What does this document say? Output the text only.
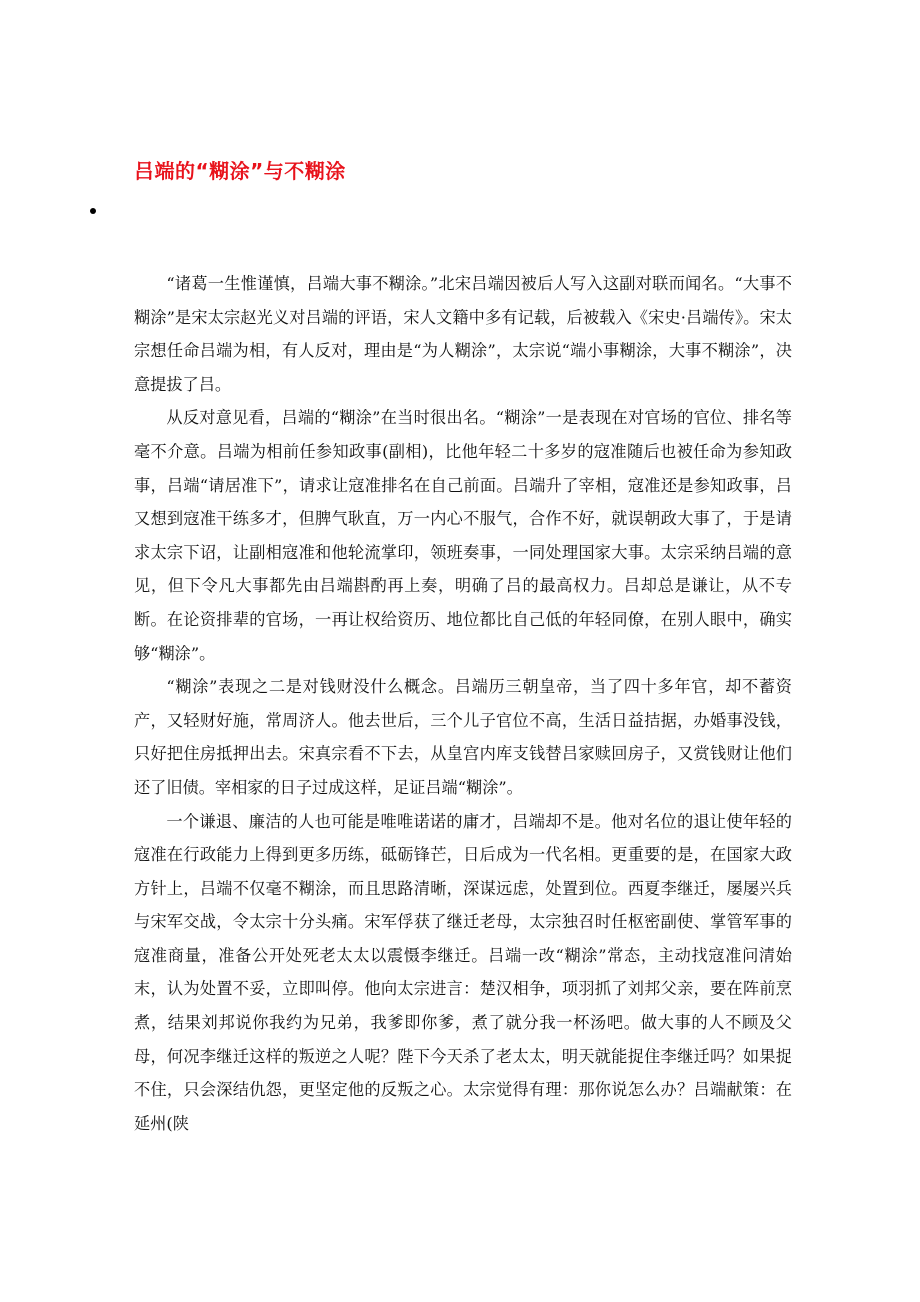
吕端的“糊涂”与不糊涂

“诸葛一生惟谨慎，吕端大事不糊涂。”北宋吕端因被后人写入这副对联而闻名。“大事不糊涂”是宋太宗赵光义对吕端的评语，宋人文籍中多有记载，后被载入《宋史·吕端传》。宋太宗想任命吕端为相，有人反对，理由是“为人糊涂”，太宗说“端小事糊涂，大事不糊涂”，决意提拔了吕。

从反对意见看，吕端的“糊涂”在当时很出名。“糊涂”一是表现在对官场的官位、排名等毫不介意。吕端为相前任参知政事(副相)，比他年轻二十多岁的寇准随后也被任命为参知政事，吕端“请居准下”，请求让寇准排名在自己前面。吕端升了宰相，寇准还是参知政事，吕又想到寇准干练多才，但脾气耿直，万一内心不服气，合作不好，就误朝政大事了，于是请求太宗下诏，让副相寇准和他轮流掌印，领班奏事，一同处理国家大事。太宗采纳吕端的意见，但下令凡大事都先由吕端斟酌再上奏，明确了吕的最高权力。吕却总是谦让，从不专断。在论资排辈的官场，一再让权给资历、地位都比自己低的年轻同僚，在别人眼中，确实够“糊涂”。

“糊涂”表现之二是对钱财没什么概念。吕端历三朝皇帝，当了四十多年官，却不蓄资产，又轻财好施，常周济人。他去世后，三个儿子官位不高，生活日益拮据，办婚事没钱，只好把住房抵押出去。宋真宗看不下去，从皇宫内库支钱替吕家赎回房子，又赏钱财让他们还了旧债。宰相家的日子过成这样，足证吕端“糊涂”。

一个谦退、廉洁的人也可能是唯唯诺诺的庸才，吕端却不是。他对名位的退让使年轻的寇准在行政能力上得到更多历练，砥砺锋芒，日后成为一代名相。更重要的是，在国家大政方针上，吕端不仅毫不糊涂，而且思路清晰，深谋远虑，处置到位。西夏李继迁，屡屡兴兵与宋军交战，令太宗十分头痛。宋军俘获了继迁老母，太宗独召时任枢密副使、掌管军事的寇准商量，准备公开处死老太太以震慑李继迁。吕端一改“糊涂”常态，主动找寇准问清始末，认为处置不妥，立即叫停。他向太宗进言：楚汉相争，项羽抓了刘邦父亲，要在阵前烹煮，结果刘邦说你我约为兄弟，我爹即你爹，煮了就分我一杯汤吧。做大事的人不顾及父母，何况李继迁这样的叛逆之人呢？陛下今天杀了老太太，明天就能捉住李继迁吗？如果捉不住，只会深结仇怨，更坚定他的反叛之心。太宗觉得有理：那你说怎么办？吕端献策：在延州(陕
